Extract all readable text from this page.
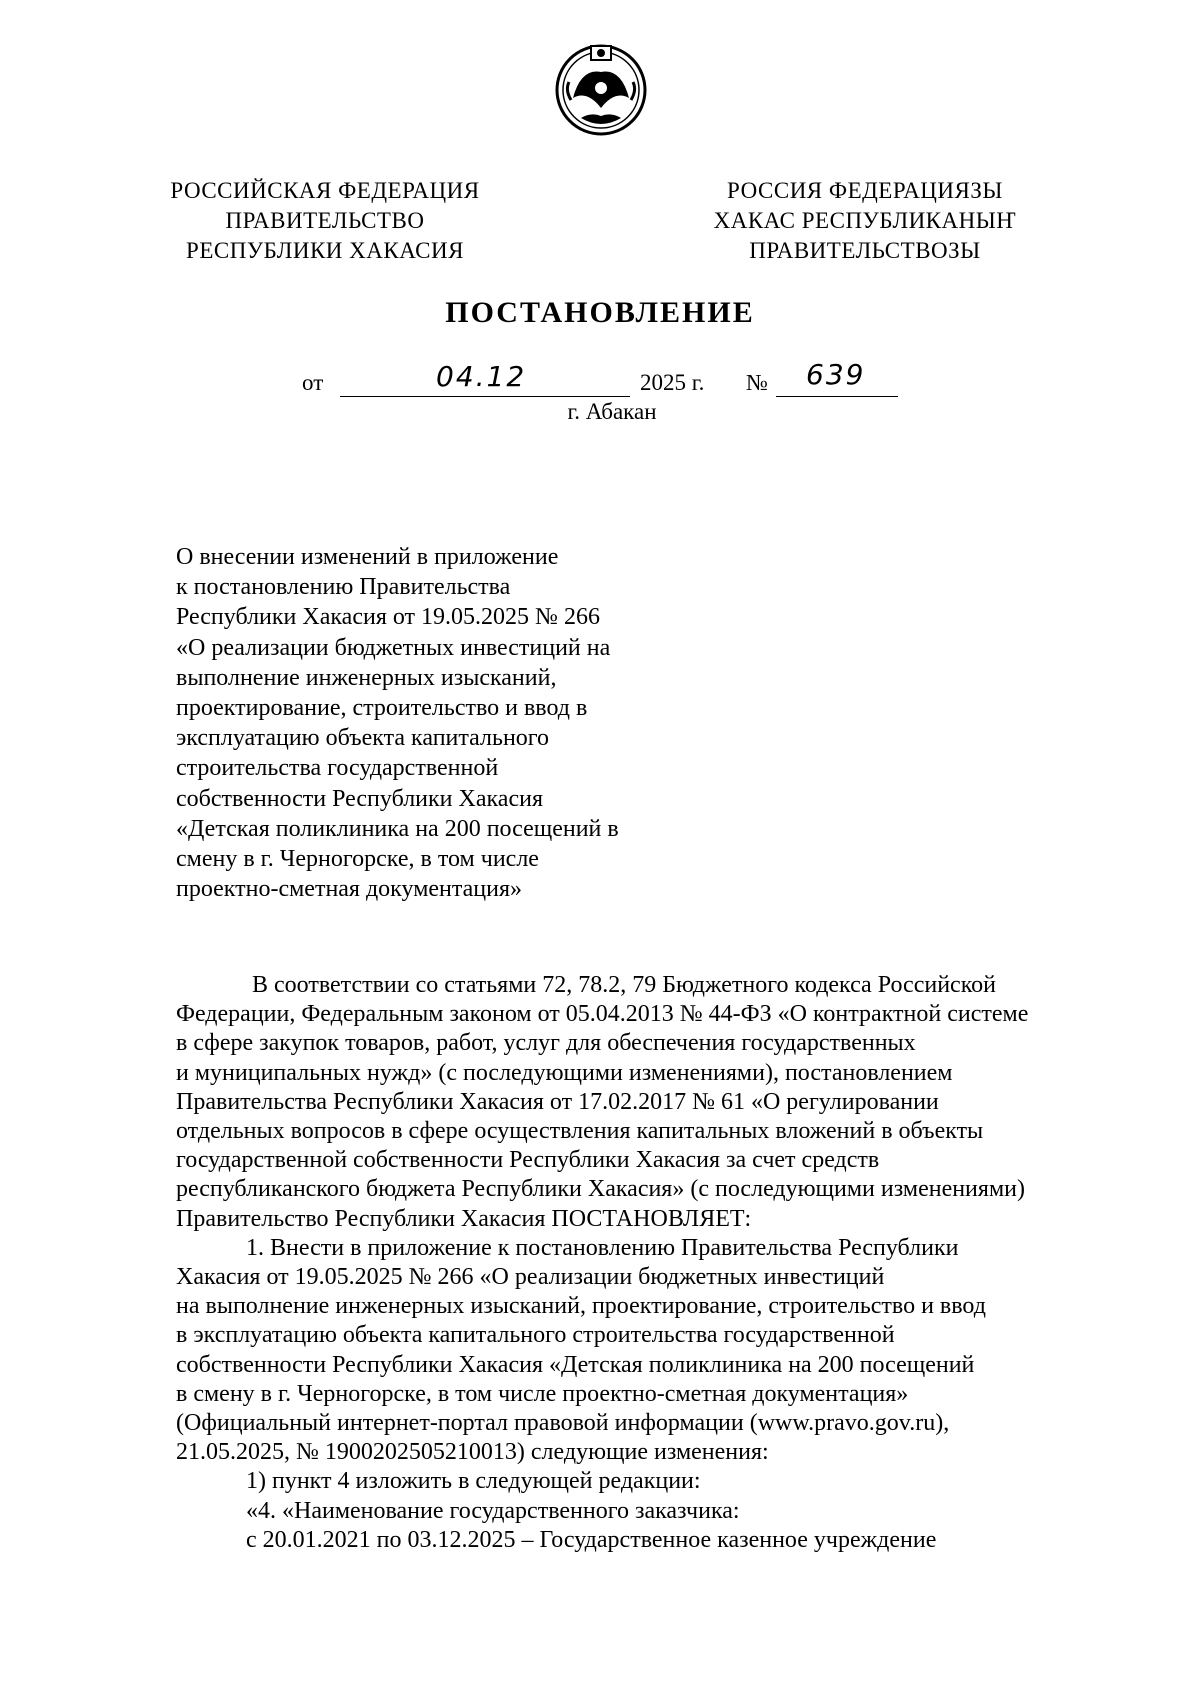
РОССИЙСКАЯ ФЕДЕРАЦИЯ
ПРАВИТЕЛЬСТВО
РЕСПУБЛИКИ ХАКАСИЯ
РОССИЯ ФЕДЕРАЦИЯЗЫ
ХАКАС РЕСПУБЛИКАНЫҤ
ПРАВИТЕЛЬСТВОЗЫ
ПОСТАНОВЛЕНИЕ
от	04.12	2025 г. № 639
г. Абакан

О внесении изменений в приложение

к постановлению Правительства

Республики Хакасия от 19.05.2025 № 266

«О реализации бюджетных инвестиций на

выполнение инженерных изысканий,

проектирование, строительство и ввод в

эксплуатацию объекта капитального

строительства государственной

собственности Республики Хакасия

«Детская поликлиника на 200 посещений в

смену в г. Черногорске, в том числе

проектно-сметная документация»

В соответствии со статьями 72, 78.2, 79 Бюджетного кодекса Российской

Федерации, Федеральным законом от 05.04.2013 № 44-ФЗ «О контрактной системе

в сфере закупок товаров, работ, услуг для обеспечения государственных

и муниципальных нужд» (с последующими изменениями), постановлением

Правительства Республики Хакасия от 17.02.2017 № 61 «О регулировании

отдельных вопросов в сфере осуществления капитальных вложений в объекты

государственной собственности Республики Хакасия за счет средств

республиканского бюджета Республики Хакасия» (с последующими изменениями)

Правительство Республики Хакасия ПОСТАНОВЛЯЕТ:

1. Внести в приложение к постановлению Правительства Республики

Хакасия от 19.05.2025 № 266 «О реализации бюджетных инвестиций

на выполнение инженерных изысканий, проектирование, строительство и ввод

в эксплуатацию объекта капитального строительства государственной

собственности Республики Хакасия «Детская поликлиника на 200 посещений

в смену в г. Черногорске, в том числе проектно-сметная документация»

(Официальный интернет-портал правовой информации (www.pravo.gov.ru),

21.05.2025, № 1900202505210013) следующие изменения:

1) пункт 4 изложить в следующей редакции:

«4. «Наименование государственного заказчика:

с 20.01.2021 по 03.12.2025 – Государственное казенное учреждение
